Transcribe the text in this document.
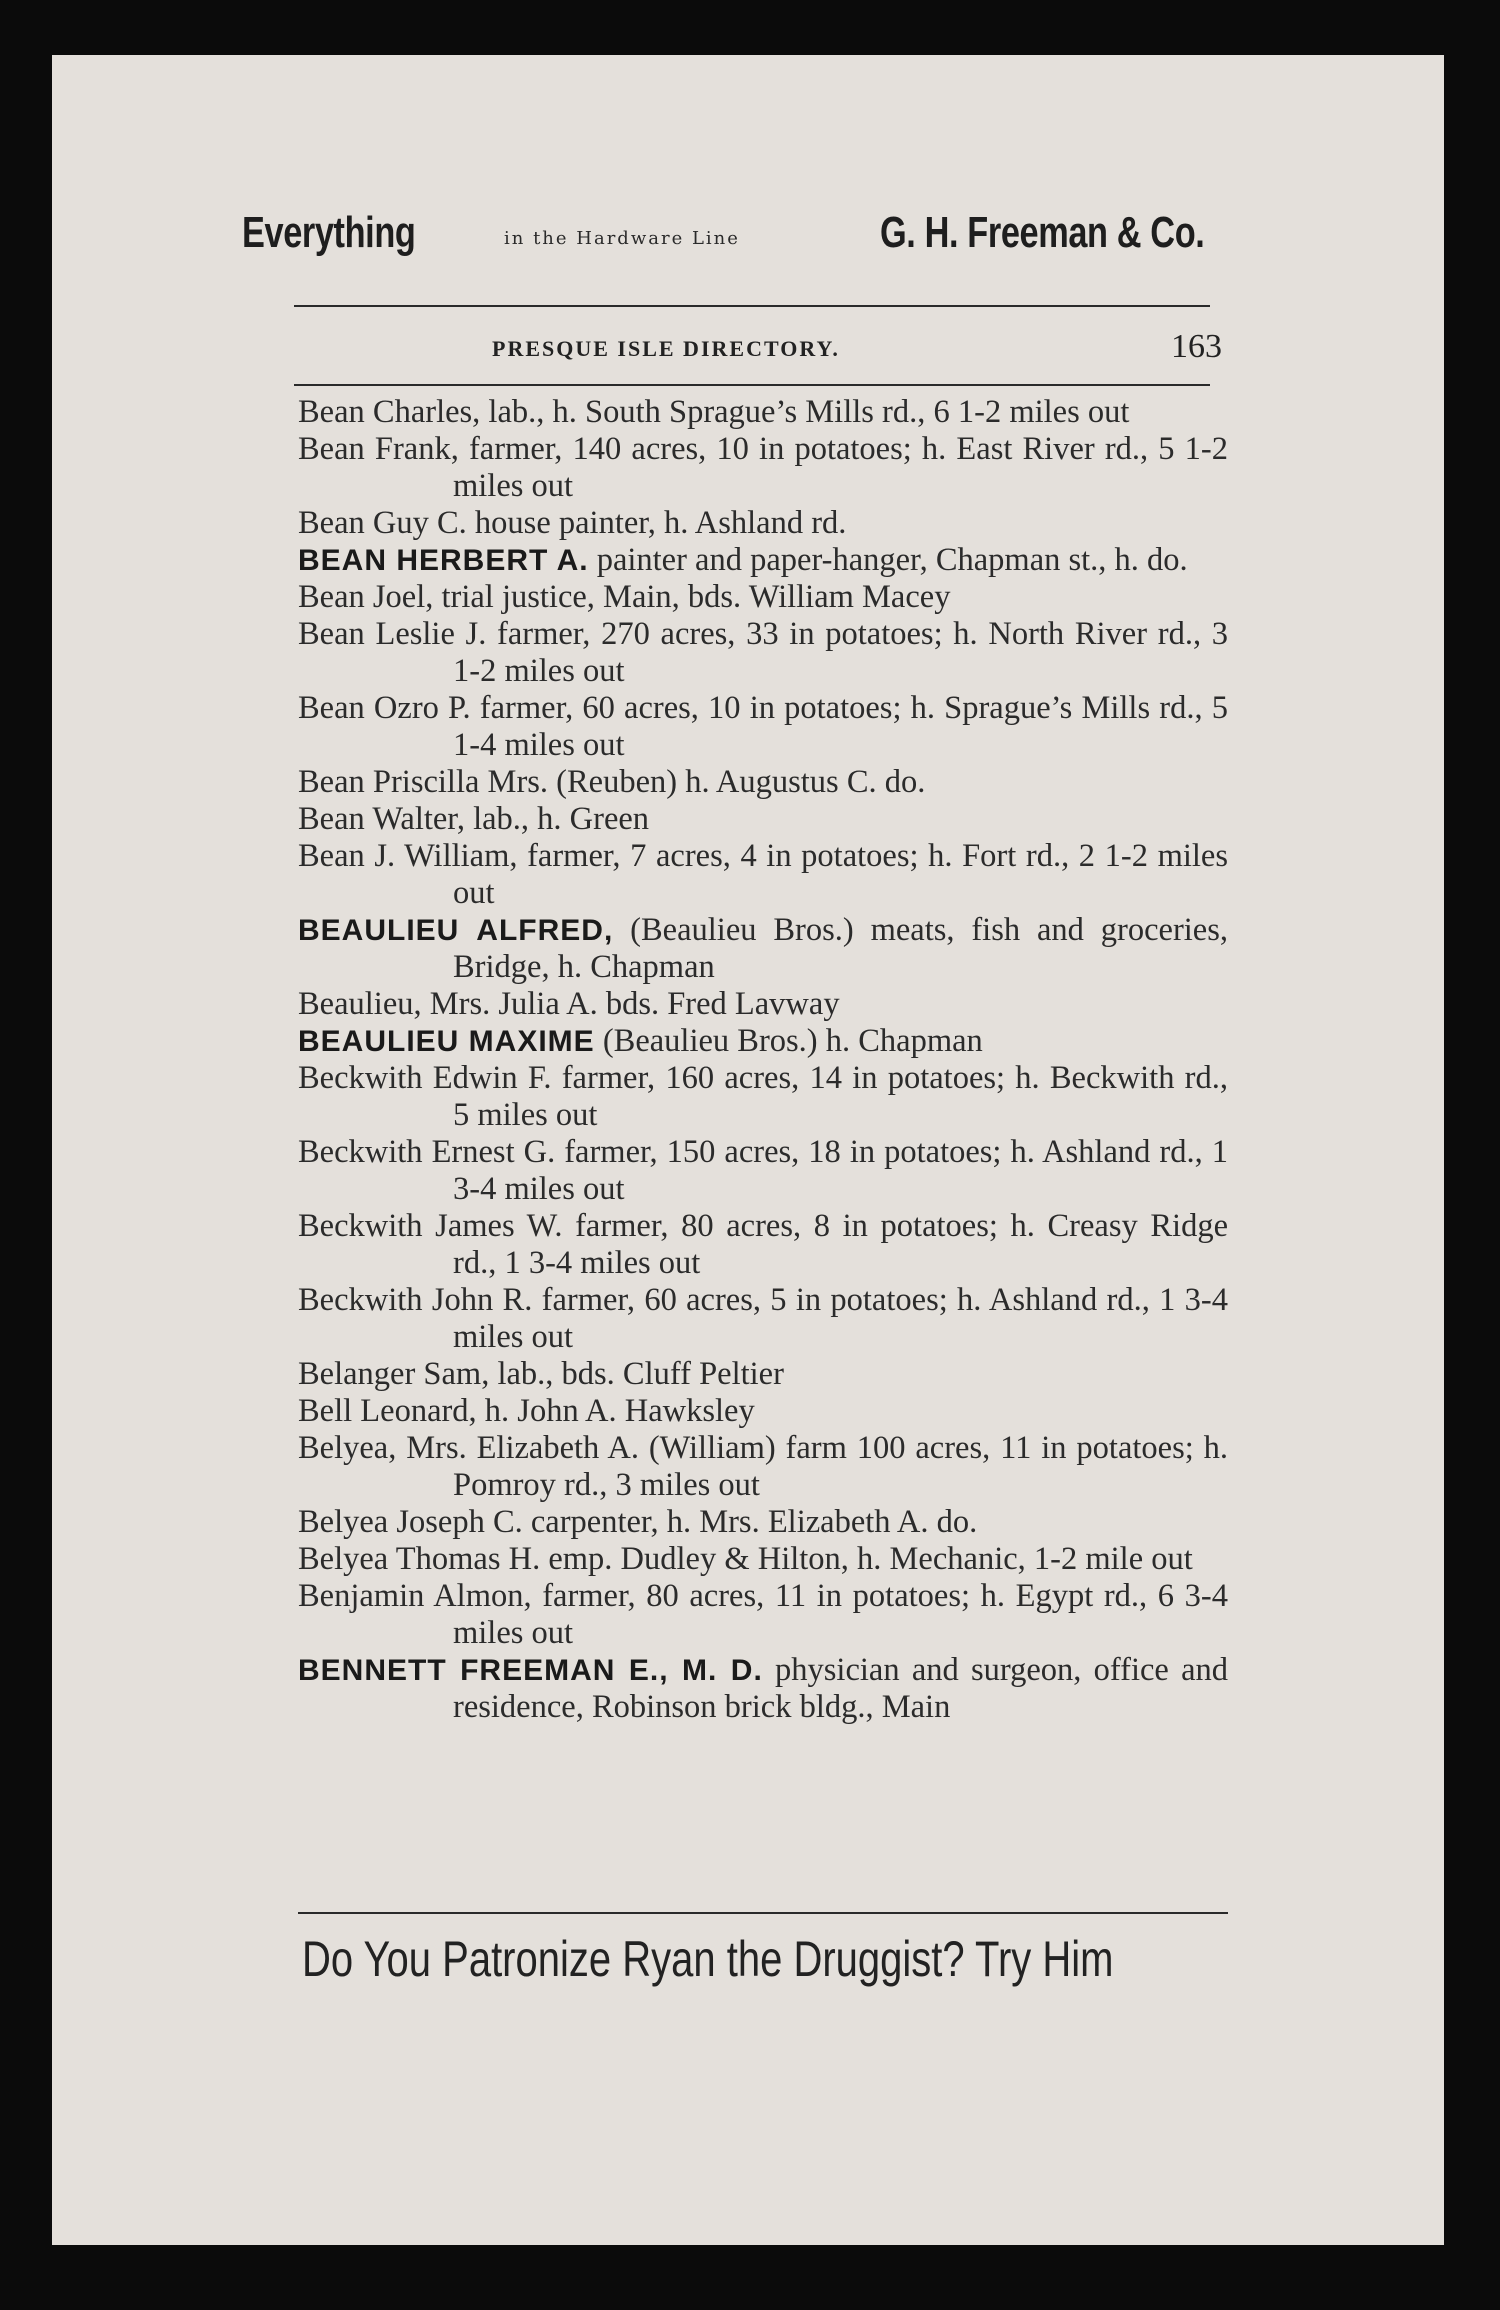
Everything	in the Hardware Line	G. H. Freeman & Co.
PRESQUE ISLE DIRECTORY.	163

Bean Charles, lab., h. South Sprague’s Mills rd., 6 1-2 miles out

Bean Frank, farmer, 140 acres, 10 in potatoes; h. East River rd., 5 1-2 miles out

Bean Guy C. house painter, h. Ashland rd.

BEAN HERBERT A. painter and paper-hanger, Chapman st., h. do.

Bean Joel, trial justice, Main, bds. William Macey

Bean Leslie J. farmer, 270 acres, 33 in potatoes; h. North River rd., 3 1-2 miles out

Bean Ozro P. farmer, 60 acres, 10 in potatoes; h. Sprague’s Mills rd., 5 1-4 miles out

Bean Priscilla Mrs. (Reuben) h. Augustus C. do.

Bean Walter, lab., h. Green

Bean J. William, farmer, 7 acres, 4 in potatoes; h. Fort rd., 2 1-2 miles out

BEAULIEU ALFRED, (Beaulieu Bros.) meats, fish and groceries, Bridge, h. Chapman

Beaulieu, Mrs. Julia A. bds. Fred Lavway

BEAULIEU MAXIME (Beaulieu Bros.) h. Chapman

Beckwith Edwin F. farmer, 160 acres, 14 in potatoes; h. Beckwith rd., 5 miles out

Beckwith Ernest G. farmer, 150 acres, 18 in potatoes; h. Ashland rd., 1 3-4 miles out

Beckwith James W. farmer, 80 acres, 8 in potatoes; h. Creasy Ridge rd., 1 3-4 miles out

Beckwith John R. farmer, 60 acres, 5 in potatoes; h. Ashland rd., 1 3-4 miles out

Belanger Sam, lab., bds. Cluff Peltier

Bell Leonard, h. John A. Hawksley

Belyea, Mrs. Elizabeth A. (William) farm 100 acres, 11 in potatoes; h. Pomroy rd., 3 miles out

Belyea Joseph C. carpenter, h. Mrs. Elizabeth A. do.

Belyea Thomas H. emp. Dudley & Hilton, h. Mechanic, 1-2 mile out

Benjamin Almon, farmer, 80 acres, 11 in potatoes; h. Egypt rd., 6 3-4 miles out

BENNETT FREEMAN E., M. D. physician and surgeon, office and residence, Robinson brick bldg., Main

Do You Patronize Ryan the Druggist? Try Him
